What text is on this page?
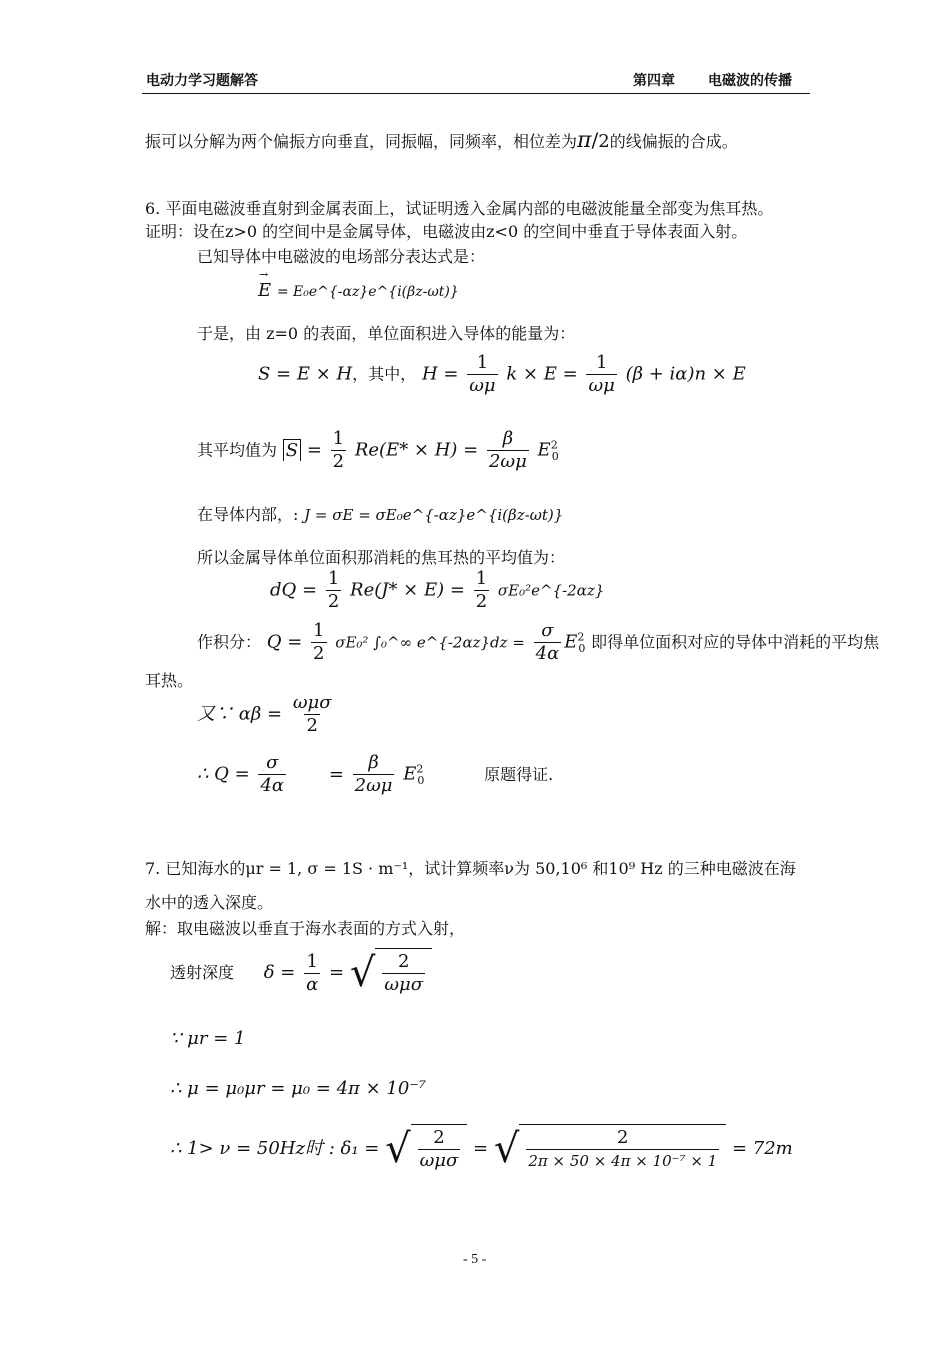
电动力学习题解答	第四章 电磁波的传播
振可以分解为两个偏振方向垂直，同振幅，同频率，相位差为π/2的线偏振的合成。
6. 平面电磁波垂直射到金属表面上，试证明透入金属内部的电磁波能量全部变为焦耳热。
证明：设在z>0 的空间中是金属导体，电磁波由z<0 的空间中垂直于导体表面入射。
已知导体中电磁波的电场部分表达式是：
→ E = E₀e^{-αz}e^{i(βz-ωt)}
于是，由 z=0 的表面，单位面积进入导体的能量为：
S = E × H，其中， $H = \frac{1}{\omega\mu}$ $k \times E = \frac{1}{\omega\mu} (\beta + i\alpha)n \times E$
其平均值为 $S = \frac{1}{2} Re(E* \times H) = \frac{\beta}{2\omega\mu} E^2_0$
在导体内部，: J = σE = σE₀e^{-αz}e^{i(βz-ωt)}
所以金属导体单位面积那消耗的焦耳热的平均值为：
dQ = $\frac{1}{2} Re(J* \times E) = \frac{1}{2}$ σE₀²e^{-2αz}
作积分： $Q = \frac{1}{2} \sigma E_0^2$ ∫₀^∞ e^{-2αz}dz = $\frac{\sigma}{4\alpha} E^2_0$ 即得单位面积对应的导体中消耗的平均焦
耳热。
又∵ $\alpha\beta = \frac{\text{ωμσ}}{2}$
∴ $Q = \frac{\sigma}{4\alpha} = \frac{\beta}{2\omega\mu} E^2_0$	原题得证.
7. 已知海水的μr = 1, σ = 1S · m⁻¹，试计算频率ν为 50,10⁶ 和10⁹ Hz 的三种电磁波在海
水中的透入深度。
解：取电磁波以垂直于海水表面的方式入射，
透射深度 $\delta = \frac{1}{\alpha}$ = √ $\frac{2}{\text{ωμσ}}$
∵ μr = 1
∴ μ = μ₀μr = μ₀ = 4π × 10⁻⁷
∴ 1> ν = 50Hz时 : δ₁ = √ $\frac{2}{\text{ωμσ}}$ = √ $\frac{2}{\text{2π × 50 × 4π × 10⁻⁷ × 1}} = 72m$
- 5 -
